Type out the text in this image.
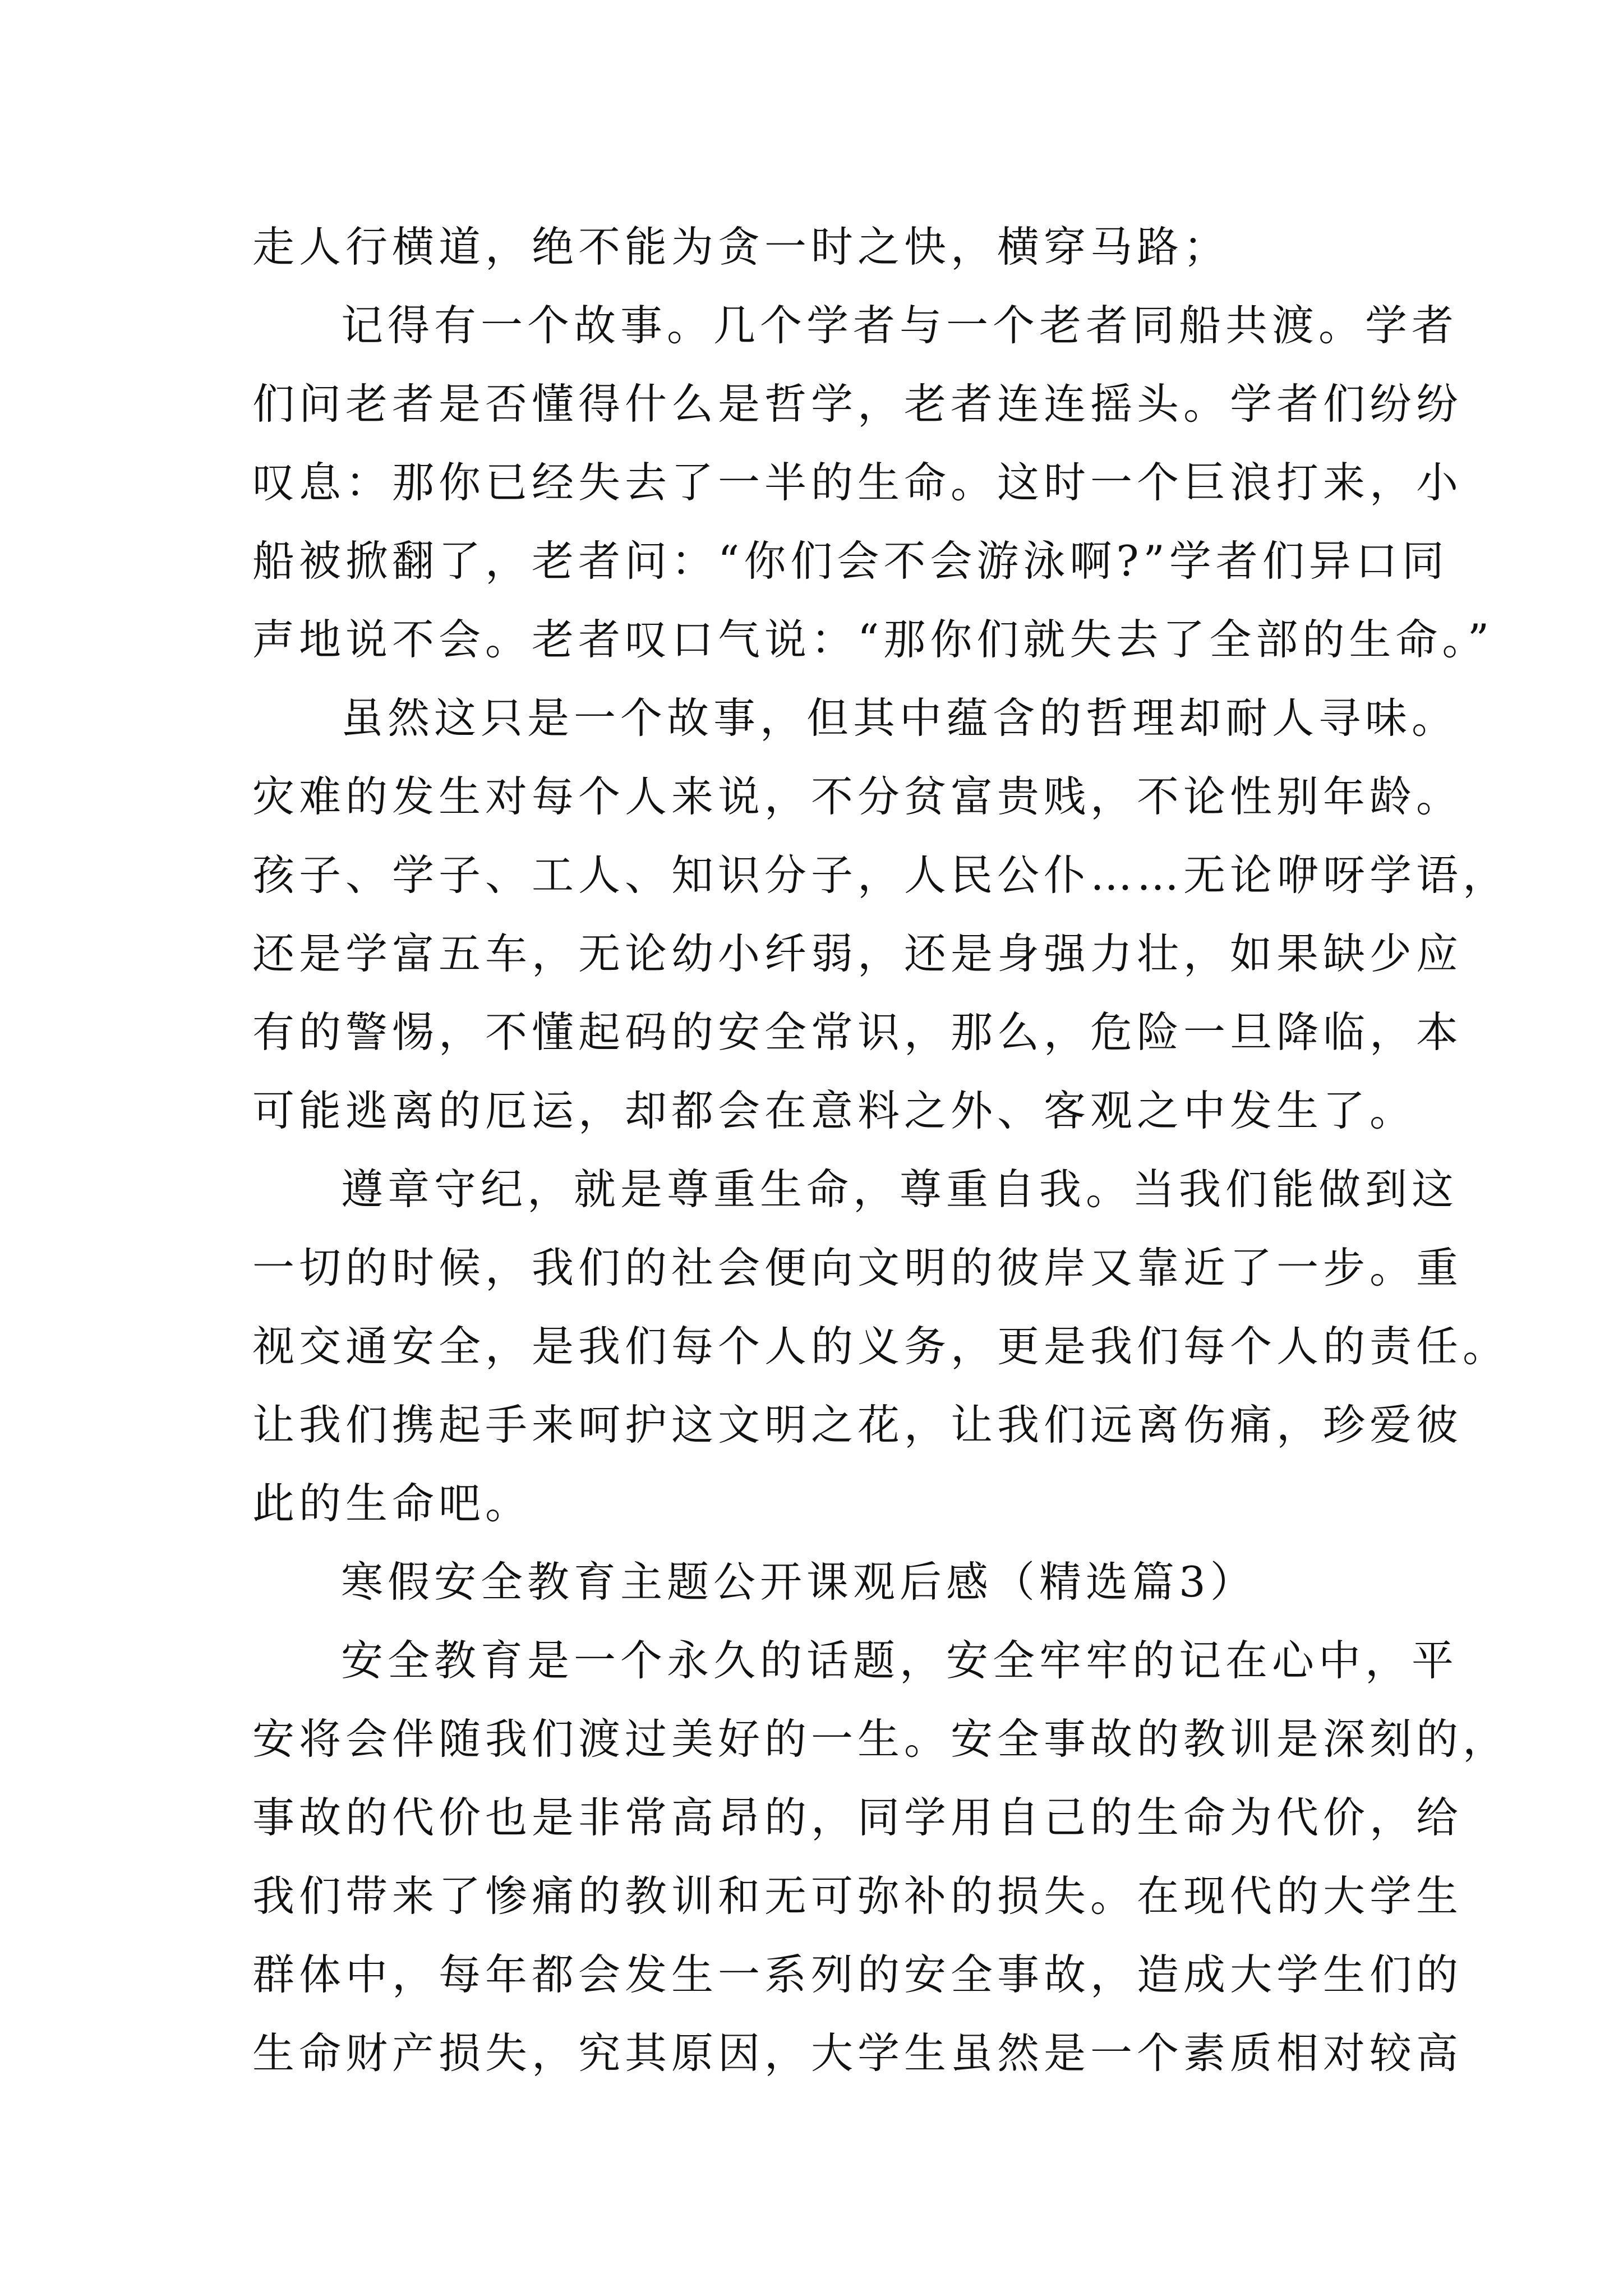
走人行横道，绝不能为贪一时之快，横穿马路；
记得有一个故事。几个学者与一个老者同船共渡。学者
们问老者是否懂得什么是哲学，老者连连摇头。学者们纷纷
叹息：那你已经失去了一半的生命。这时一个巨浪打来，小
船被掀翻了，老者问：“你们会不会游泳啊?”学者们异口同
声地说不会。老者叹口气说：“那你们就失去了全部的生命。”
虽然这只是一个故事，但其中蕴含的哲理却耐人寻味。
灾难的发生对每个人来说，不分贫富贵贱，不论性别年龄。
孩子、学子、工人、知识分子，人民公仆……无论咿呀学语，
还是学富五车，无论幼小纤弱，还是身强力壮，如果缺少应
有的警惕，不懂起码的安全常识，那么，危险一旦降临，本
可能逃离的厄运，却都会在意料之外、客观之中发生了。
遵章守纪，就是尊重生命，尊重自我。当我们能做到这
一切的时候，我们的社会便向文明的彼岸又靠近了一步。重
视交通安全，是我们每个人的义务，更是我们每个人的责任。
让我们携起手来呵护这文明之花，让我们远离伤痛，珍爱彼
此的生命吧。
寒假安全教育主题公开课观后感（精选篇3）
安全教育是一个永久的话题，安全牢牢的记在心中，平
安将会伴随我们渡过美好的一生。安全事故的教训是深刻的，
事故的代价也是非常高昂的，同学用自己的生命为代价，给
我们带来了惨痛的教训和无可弥补的损失。在现代的大学生
群体中，每年都会发生一系列的安全事故，造成大学生们的
生命财产损失，究其原因，大学生虽然是一个素质相对较高
